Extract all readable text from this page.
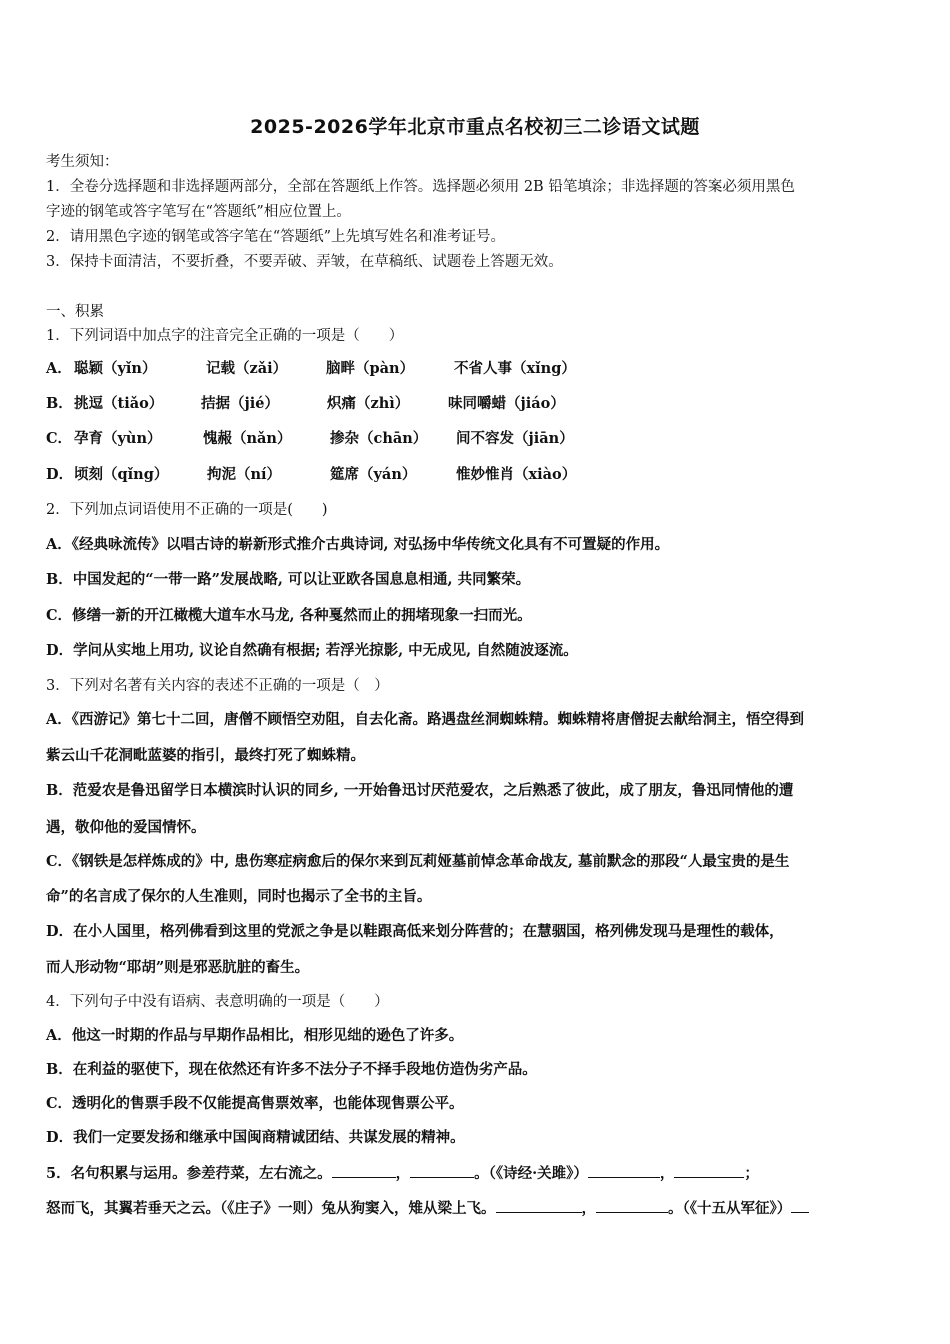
2025-2026学年北京市重点名校初三二诊语文试题
考生须知：
1．全卷分选择题和非选择题两部分，全部在答题纸上作答。选择题必须用 2B 铅笔填涂；非选择题的答案必须用黑色
字迹的钢笔或答字笔写在“答题纸”相应位置上。
2．请用黑色字迹的钢笔或答字笔在“答题纸”上先填写姓名和准考证号。
3．保持卡面清洁，不要折叠，不要弄破、弄皱，在草稿纸、试题卷上答题无效。
一、积累
1．下列词语中加点字的注音完全正确的一项是（　　）
A． 聪颖（yǐn）	记载（zǎi）	脑畔（pàn）	不省人事（xǐng）
B． 挑逗（tiǎo）	拮据（jié）	炽痛（zhì）	味同嚼蜡（jiáo）
C． 孕育（yùn）	愧赧（nǎn）	掺杂（chān） 间不容发（jiān）
D． 顷刻（qǐng）	拘泥（ní）	筵席（yán）	惟妙惟肖（xiào）
2．下列加点词语使用不正确的一项是(　　)
A．《经典咏流传》以唱古诗的崭新形式推介古典诗词, 对弘扬中华传统文化具有不可置疑的作用。
B．中国发起的“一带一路”发展战略, 可以让亚欧各国息息相通, 共同繁荣。
C．修缮一新的开江橄榄大道车水马龙, 各种戛然而止的拥堵现象一扫而光。
D．学问从实地上用功, 议论自然确有根据; 若浮光掠影, 中无成见, 自然随波逐流。
3．下列对名著有关内容的表述不正确的一项是（　）
A．《西游记》第七十二回，唐僧不顾悟空劝阻，自去化斋。路遇盘丝洞蜘蛛精。蜘蛛精将唐僧捉去献给洞主，悟空得到
紫云山千花洞毗蓝婆的指引，最终打死了蜘蛛精。
B．范爱农是鲁迅留学日本横滨时认识的同乡, 一开始鲁迅讨厌范爱农，之后熟悉了彼此，成了朋友，鲁迅同情他的遭
遇，敬仰他的爱国情怀。
C．《钢铁是怎样炼成的》中, 患伤寒症病愈后的保尔来到瓦莉娅墓前悼念革命战友, 墓前默念的那段“人最宝贵的是生
命”的名言成了保尔的人生准则，同时也揭示了全书的主旨。
D．在小人国里，格列佛看到这里的党派之争是以鞋跟高低来划分阵营的；在慧骃国，格列佛发现马是理性的载体，
而人形动物“耶胡”则是邪恶肮脏的畜生。
4．下列句子中没有语病、表意明确的一项是（　　）
A．他这一时期的作品与早期作品相比，相形见绌的逊色了许多。
B．在利益的驱使下，现在依然还有许多不法分子不择手段地仿造伪劣产品。
C．透明化的售票手段不仅能提高售票效率，也能体现售票公平。
D．我们一定要发扬和继承中国闽商精诚团结、共谋发展的精神。
5．名句积累与运用。参差荇菜，左右流之。	，	。（《诗经·关雎》）	，	；
怒而飞，其翼若垂天之云。（《庄子》一则）兔从狗窦入，雉从梁上飞。	，	。（《十五从军征》）
